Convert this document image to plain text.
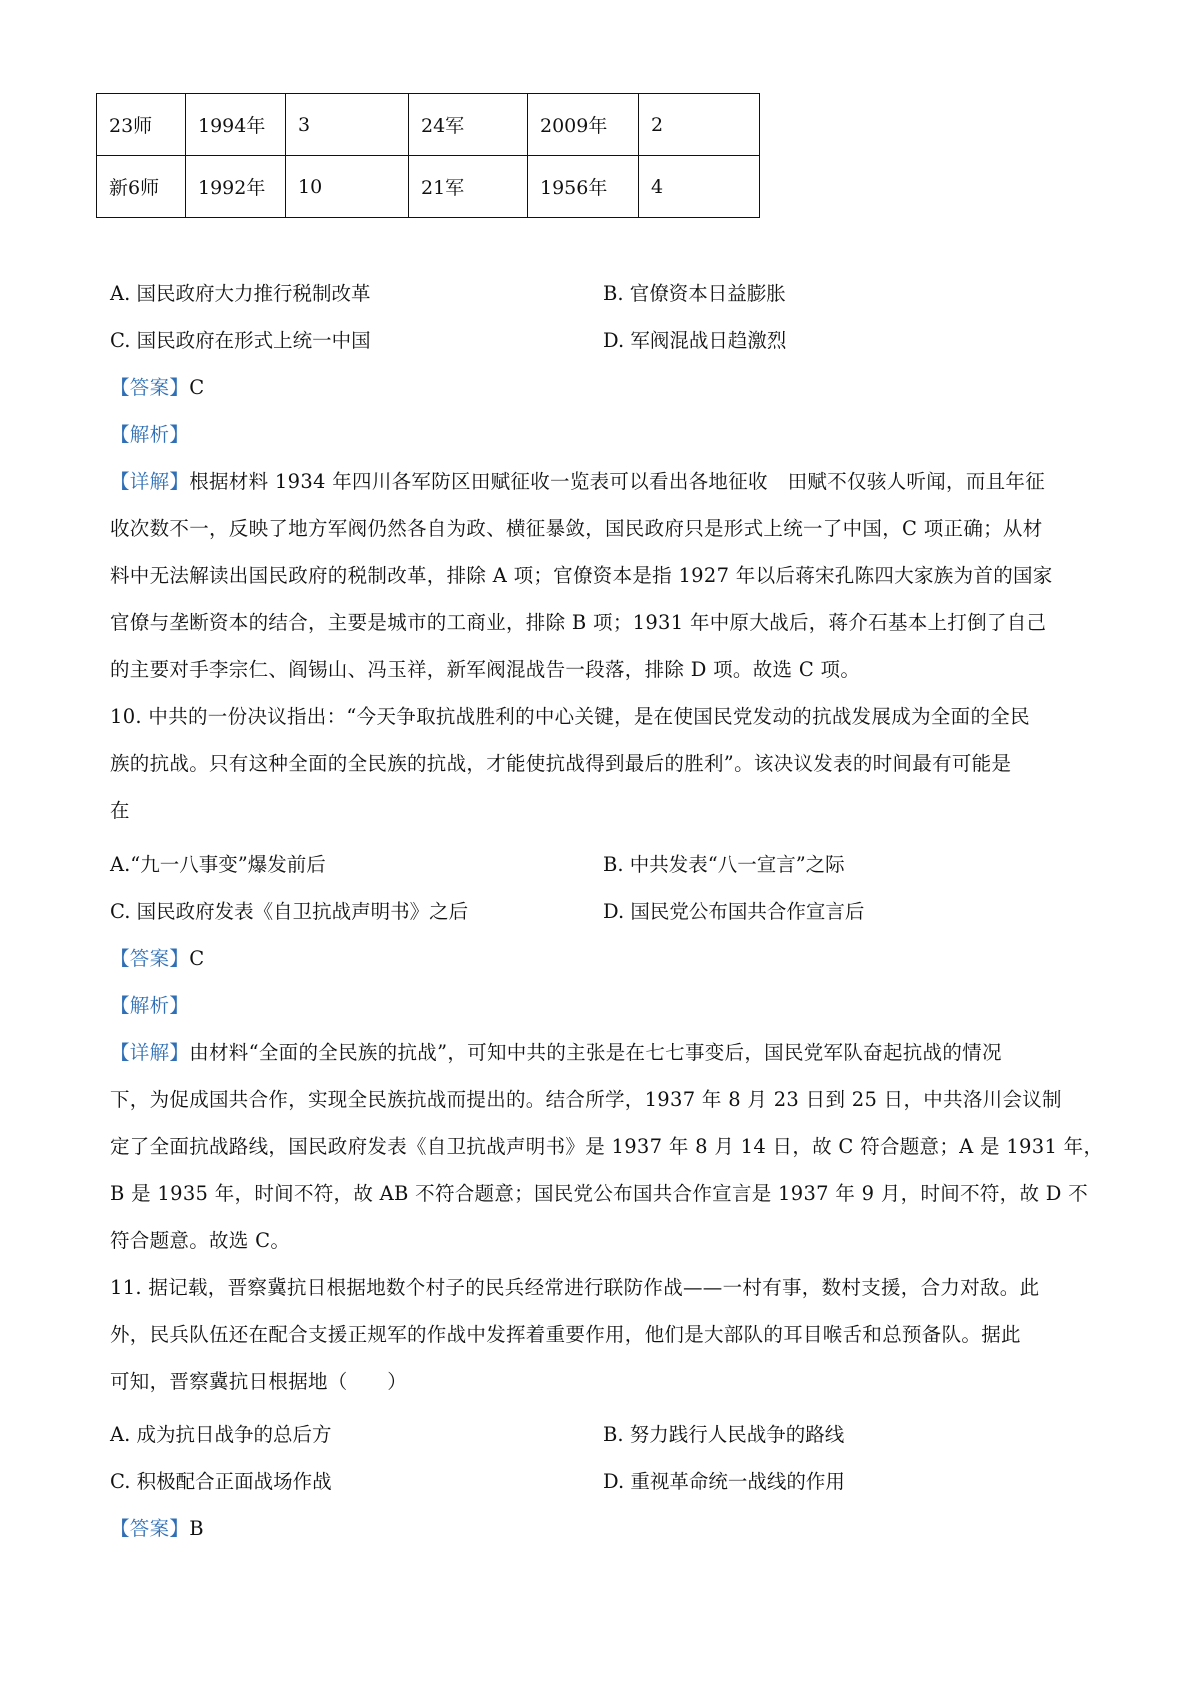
23师	1994年	3	24军	2009年	2
新6师	1992年	10	21军	1956年	4
A. 国民政府大力推行税制改革	B. 官僚资本日益膨胀
C. 国民政府在形式上统一中国	D. 军阀混战日趋激烈
【答案】C
【解析】
【详解】根据材料 1934 年四川各军防区田赋征收一览表可以看出各地征收　田赋不仅骇人听闻，而且年征
收次数不一，反映了地方军阀仍然各自为政、横征暴敛，国民政府只是形式上统一了中国，C 项正确；从材
料中无法解读出国民政府的税制改革，排除 A 项；官僚资本是指 1927 年以后蒋宋孔陈四大家族为首的国家
官僚与垄断资本的结合，主要是城市的工商业，排除 B 项；1931 年中原大战后，蒋介石基本上打倒了自己
的主要对手李宗仁、阎锡山、冯玉祥，新军阀混战告一段落，排除 D 项。故选 C 项。
10. 中共的一份决议指出：“今天争取抗战胜利的中心关键，是在使国民党发动的抗战发展成为全面的全民
族的抗战。只有这种全面的全民族的抗战，才能使抗战得到最后的胜利”。该决议发表的时间最有可能是
在
A.“九一八事变”爆发前后	B. 中共发表“八一宣言”之际
C. 国民政府发表《自卫抗战声明书》之后	D. 国民党公布国共合作宣言后
【答案】C
【解析】
【详解】由材料“全面的全民族的抗战”，可知中共的主张是在七七事变后，国民党军队奋起抗战的情况
下，为促成国共合作，实现全民族抗战而提出的。结合所学，1937 年 8 月 23 日到 25 日，中共洛川会议制
定了全面抗战路线，国民政府发表《自卫抗战声明书》是 1937 年 8 月 14 日，故 C 符合题意；A 是 1931 年，
B 是 1935 年，时间不符，故 AB 不符合题意；国民党公布国共合作宣言是 1937 年 9 月，时间不符，故 D 不
符合题意。故选 C。
11. 据记载，晋察冀抗日根据地数个村子的民兵经常进行联防作战——一村有事，数村支援，合力对敌。此
外，民兵队伍还在配合支援正规军的作战中发挥着重要作用，他们是大部队的耳目喉舌和总预备队。据此
可知，晋察冀抗日根据地（　　）
A. 成为抗日战争的总后方	B. 努力践行人民战争的路线
C. 积极配合正面战场作战	D. 重视革命统一战线的作用
【答案】B
